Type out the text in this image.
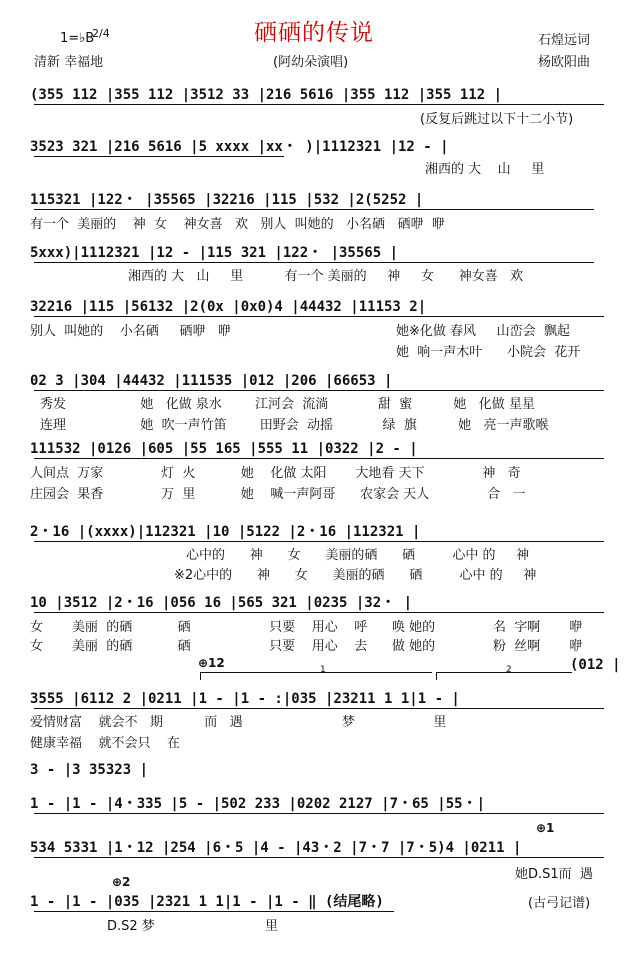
1=♭B
2/4
清新 幸福地
硒硒的传说
(阿幼朵演唱)
石煌远词
杨欧阳曲
(355 112 |355 112 |3512 33 |216 5616 |355 112 |355 112 |
(反复后跳过以下十二小节)
3523 321 |216 5616 |5 xxxx |xx・ )|1112321 |12 - |
湘西的 大    山     里
115321 |122・ |35565 |32216 |115 |532 |2(5252 |
有一个  美丽的    神  女    神女喜   欢   别人  叫她的   小名硒   硒咿  咿
5xxx)|1112321 |12 - |115 321 |122・ |35565 |
湘西的 大   山     里          有一个 美丽的     神     女      神女喜   欢
32216 |115 |56132 |2(0x |0x0)4 |44432 |11153 2|
别人  叫她的    小名硒     硒咿   咿	她※化做 春风     山峦会  飘起
她  响一声木叶      小院会  花开
02 3 |304 |44432 |111535 |012 |206 |66653 |
秀发                  她   化做 泉水        江河会  流淌            甜  蜜          她   化做 星星
连理                  她  吹一声竹笛        田野会  动摇            绿  旗          她   亮一声歌喉
111532 |0126 |605 |55 165 |555 11 |0322 |2 - |
人间点  万家              灯  火           她    化做 太阳       大地看 天下              神   奇
庄园会  果香              万  里           她    喊一声阿哥      农家会 天人              合   一
2・16 |(xxxx)|112321 |10 |5122 |2・16 |112321 |
心中的      神      女      美丽的硒      硒         心中 的     神
※2心中的      神      女      美丽的硒      硒         心中 的     神
10 |3512 |2・16 |056 16 |565 321 |0235 |32・ |
女       美丽  的硒           硒                   只要    用心    呼      唤 她的              名  字啊       咿
女       美丽  的硒           硒                   只要    用心    去      做 她的              粉  丝啊       咿
⊕12	1	2	(012 |
3555 |6112 2 |0211 |1 - |1 - :|035 |23211 1 1|1 - |
爱情财富    就会不   期          而   遇                        梦                   里
健康幸福    就不会只    在
3 - |3 35323 |
1 - |1 - |4・335 |5 - |502 233 |0202 2127 |7・65 |55・|
⊕1
534 5331 |1・12 |254 |6・5 |4 - |43・2 |7・7 |7・5)4 |0211 |
她D.S1而  遇
⊕2
1 - |1 - |035 |2321 1 1|1 - |1 - ‖ (结尾略)
D.S2 梦	里
(古弓记谱)
